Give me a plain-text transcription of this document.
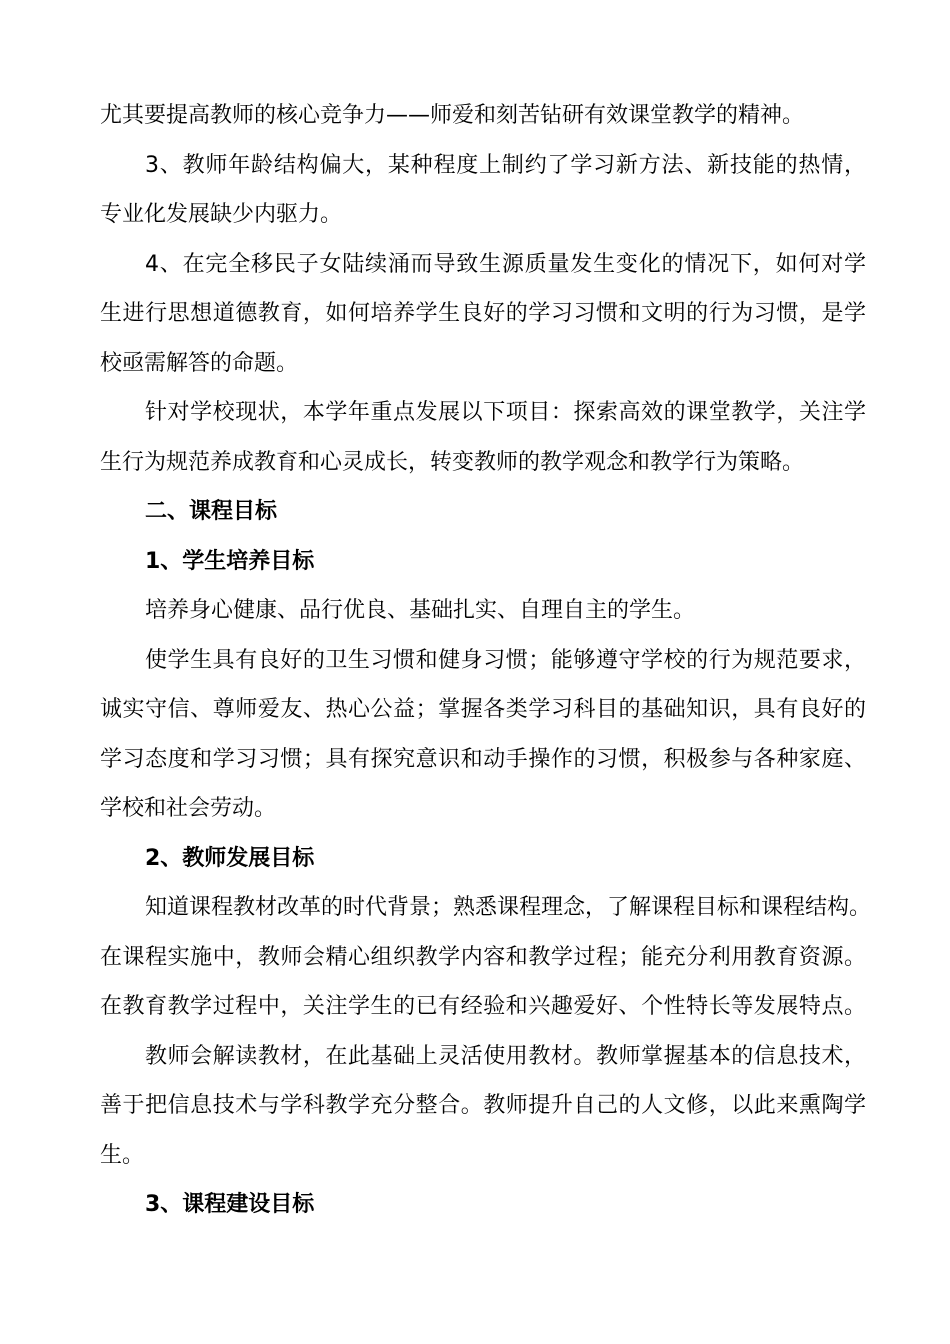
尤其要提高教师的核心竞争力——师爱和刻苦钻研有效课堂教学的精神。
3、教师年龄结构偏大，某种程度上制约了学习新方法、新技能的热情，
专业化发展缺少内驱力。
4、在完全移民子女陆续涌而导致生源质量发生变化的情况下，如何对学
生进行思想道德教育，如何培养学生良好的学习习惯和文明的行为习惯，是学
校亟需解答的命题。
针对学校现状，本学年重点发展以下项目：探索高效的课堂教学，关注学
生行为规范养成教育和心灵成长，转变教师的教学观念和教学行为策略。
二、课程目标
1、学生培养目标
培养身心健康、品行优良、基础扎实、自理自主的学生。
使学生具有良好的卫生习惯和健身习惯；能够遵守学校的行为规范要求，
诚实守信、尊师爱友、热心公益；掌握各类学习科目的基础知识，具有良好的
学习态度和学习习惯；具有探究意识和动手操作的习惯，积极参与各种家庭、
学校和社会劳动。
2、教师发展目标
知道课程教材改革的时代背景；熟悉课程理念，了解课程目标和课程结构。
在课程实施中，教师会精心组织教学内容和教学过程；能充分利用教育资源。
在教育教学过程中，关注学生的已有经验和兴趣爱好、个性特长等发展特点。
教师会解读教材，在此基础上灵活使用教材。教师掌握基本的信息技术，
善于把信息技术与学科教学充分整合。教师提升自己的人文修，以此来熏陶学
生。
3、课程建设目标
